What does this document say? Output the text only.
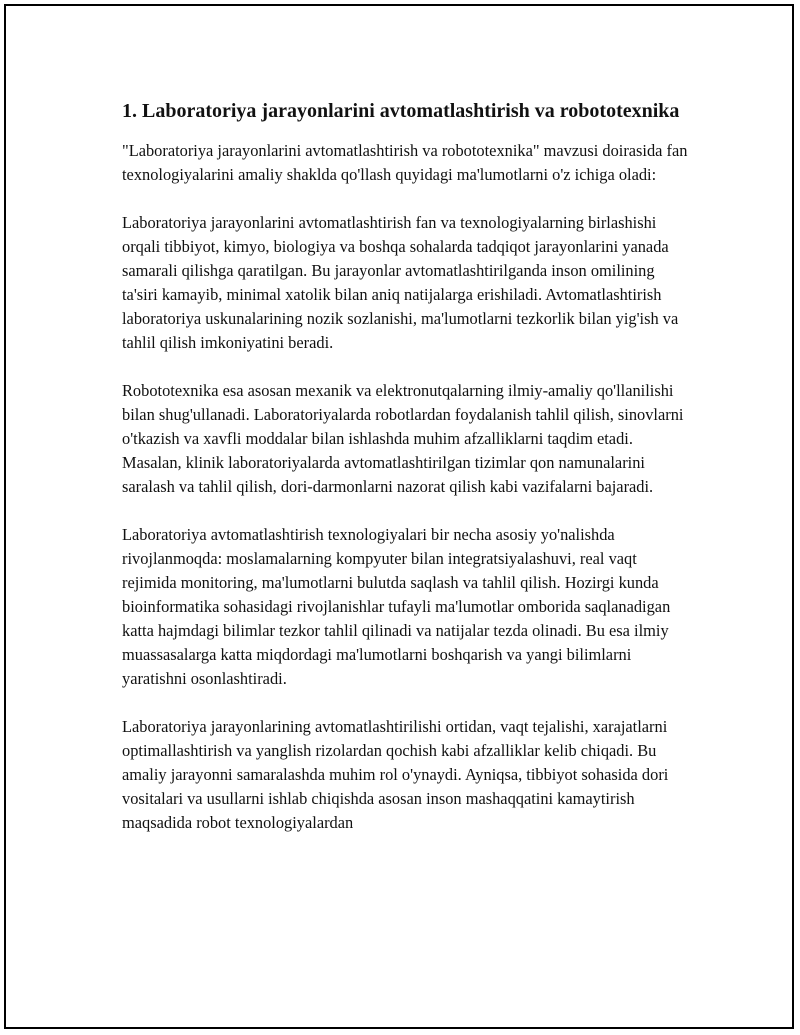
1. Laboratoriya jarayonlarini avtomatlashtirish va robototexnika

"Laboratoriya jarayonlarini avtomatlashtirish va robototexnika" mavzusi doirasida fan texnologiyalarini amaliy shaklda qo'llash quyidagi ma'lumotlarni o'z ichiga oladi:

Laboratoriya jarayonlarini avtomatlashtirish fan va texnologiyalarning birlashishi orqali tibbiyot, kimyo, biologiya va boshqa sohalarda tadqiqot jarayonlarini yanada samarali qilishga qaratilgan. Bu jarayonlar avtomatlashtirilganda inson omilining ta'siri kamayib, minimal xatolik bilan aniq natijalarga erishiladi. Avtomatlashtirish laboratoriya uskunalarining nozik sozlanishi, ma'lumotlarni tezkorlik bilan yig'ish va tahlil qilish imkoniyatini beradi.

Robototexnika esa asosan mexanik va elektronutqalarning ilmiy-amaliy qo'llanilishi bilan shug'ullanadi. Laboratoriyalarda robotlardan foydalanish tahlil qilish, sinovlarni o'tkazish va xavfli moddalar bilan ishlashda muhim afzalliklarni taqdim etadi. Masalan, klinik laboratoriyalarda avtomatlashtirilgan tizimlar qon namunalarini saralash va tahlil qilish, dori-darmonlarni nazorat qilish kabi vazifalarni bajaradi.

Laboratoriya avtomatlashtirish texnologiyalari bir necha asosiy yo'nalishda rivojlanmoqda: moslamalarning kompyuter bilan integratsiyalashuvi, real vaqt rejimida monitoring, ma'lumotlarni bulutda saqlash va tahlil qilish. Hozirgi kunda bioinformatika sohasidagi rivojlanishlar tufayli ma'lumotlar omborida saqlanadigan katta hajmdagi bilimlar tezkor tahlil qilinadi va natijalar tezda olinadi. Bu esa ilmiy muassasalarga katta miqdordagi ma'lumotlarni boshqarish va yangi bilimlarni yaratishni osonlashtiradi.

Laboratoriya jarayonlarining avtomatlashtirilishi ortidan, vaqt tejalishi, xarajatlarni optimallashtirish va yanglish rizolardan qochish kabi afzalliklar kelib chiqadi. Bu amaliy jarayonni samaralashda muhim rol o'ynaydi. Ayniqsa, tibbiyot sohasida dori vositalari va usullarni ishlab chiqishda asosan inson mashaqqatini kamaytirish maqsadida robot texnologiyalardan
